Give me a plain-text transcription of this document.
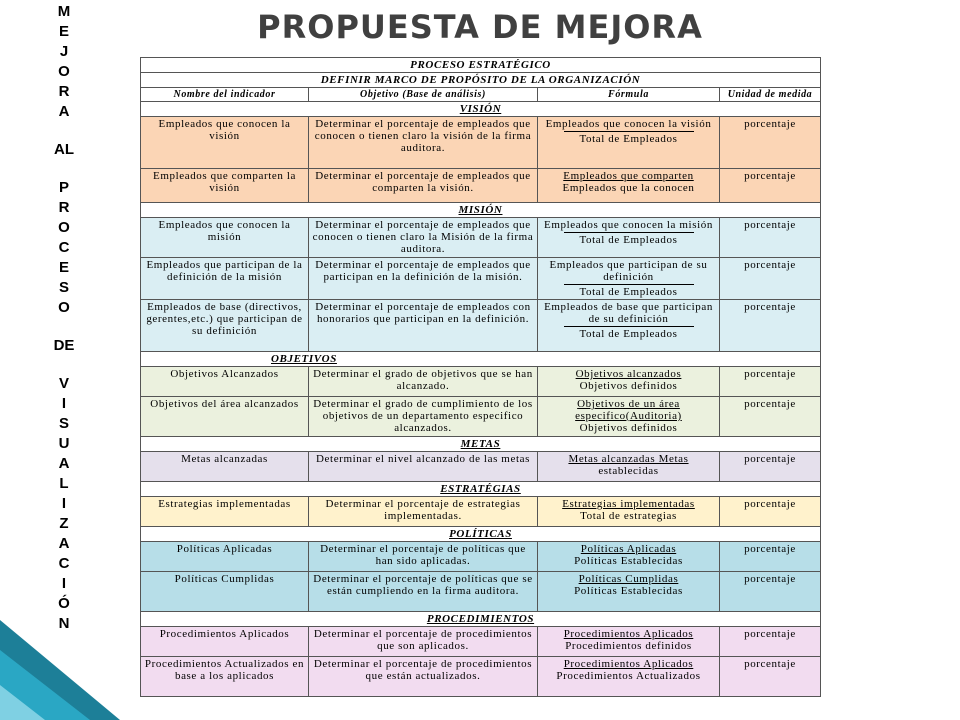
M
E
J
O
R
A

AL

P
R
O
C
E
S
O

DE

V
I
S
U
A
L
I
Z
A
C
I
Ó
N
PROPUESTA DE MEJORA
PROCESO ESTRATÉGICO			
DEFINIR MARCO DE PROPÓSITO DE LA ORGANIZACIÓN			
Nombre del indicador	Objetivo (Base de análisis)	Fórmula	Unidad de medida
VISIÓN			
Empleados que conocen la visión	Determinar el porcentaje de empleados que conocen o tienen claro la visión de la firma auditora.	$\frac{\text{Empleados que conocen la visión}}{\text{Total de Empleados}}$	porcentaje
Empleados que comparten la visión	Determinar el porcentaje de empleados que comparten la visión.	$\frac{\text{Empleados que comparten}}{\text{Empleados que la conocen}}$	porcentaje
MISIÓN			
Empleados que conocen la misión	Determinar el porcentaje de empleados que conocen o tienen claro la Misión de la firma auditora.	$\frac{\text{Empleados que conocen la misión}}{\text{Total de Empleados}}$	porcentaje
Empleados que participan de la definición de la misión	Determinar el porcentaje de empleados que participan en la definición de la misión.	$\frac{\text{Empleados que participan de su definición}}{\text{Total de Empleados}}$	porcentaje
Empleados de base (directivos, gerentes,etc.) que participan de su definición	Determinar el porcentaje de empleados con honorarios que participan en la definición.	$\frac{\text{Empleados de base que participan de su definición}}{\text{Total de Empleados}}$	porcentaje
OBJETIVOS			
Objetivos Alcanzados	Determinar el grado de objetivos que se han alcanzado.	$\frac{\text{Objetivos alcanzados}}{\text{Objetivos definidos}}$	porcentaje
Objetivos del área alcanzados	Determinar el grado de cumplimiento de los objetivos de un departamento especifico alcanzados.	$\frac{\text{Objetivos de un área especifico(Auditoria)}}{\text{Objetivos definidos}}$	porcentaje
METAS			
Metas alcanzadas	Determinar el nivel alcanzado de las metas	$\frac{\text{Metas alcanzadas Metas}}{\text{establecidas}}$	porcentaje
ESTRATÉGIAS			
Estrategias implementadas	Determinar el porcentaje de estrategias implementadas.	$\frac{\text{Estrategias implementadas}}{\text{Total de estrategias}}$	porcentaje
POLÍTICAS			
Políticas Aplicadas	Determinar el porcentaje de políticas que han sido aplicadas.	$\frac{\text{Políticas Aplicadas}}{\text{Políticas Establecidas}}$	porcentaje
Políticas Cumplidas	Determinar el porcentaje de políticas que se están cumpliendo en la firma auditora.	$\frac{\text{Políticas Cumplidas}}{\text{Políticas Establecidas}}$	porcentaje
PROCEDIMIENTOS			
Procedimientos Aplicados	Determinar el porcentaje de procedimientos que son aplicados.	$\frac{\text{Procedimientos Aplicados}}{\text{Procedimientos definidos}}$	porcentaje
Procedimientos Actualizados en base a los aplicados	Determinar el porcentaje de procedimientos que están actualizados.	$\frac{\text{Procedimientos Aplicados}}{\text{Procedimientos Actualizados}}$	porcentaje
